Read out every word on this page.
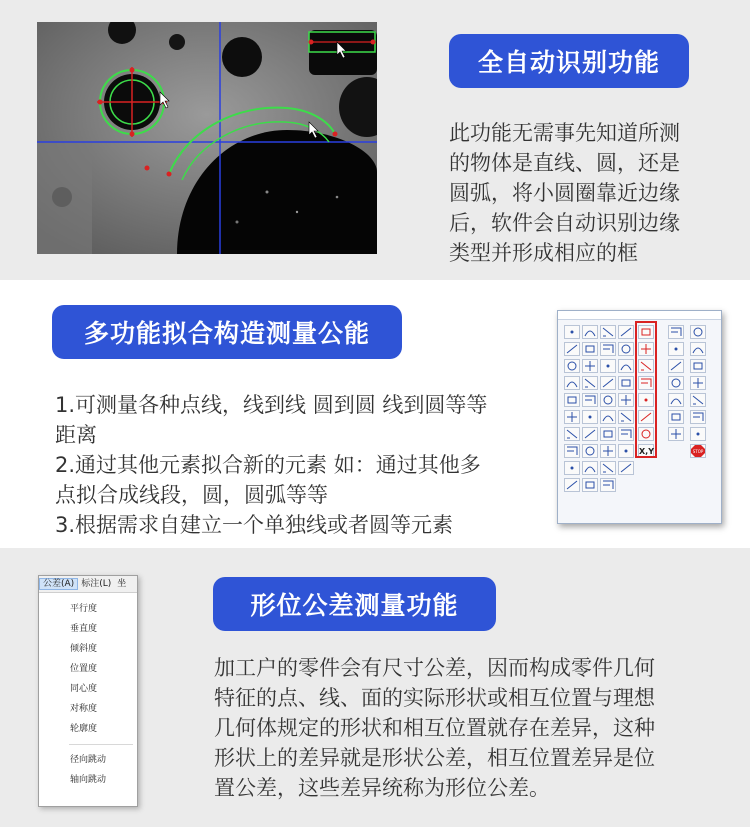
全自动识别功能
此功能无需事先知道所测
的物体是直线、圆，还是
圆弧，将小圆圈靠近边缘
后，软件会自动识别边缘
类型并形成相应的框
多功能拟合构造测量公能
1.可测量各种点线，线到线 圆到圆 线到圆等等
距离
2.通过其他元素拟合新的元素 如：通过其他多
点拟合成线段，圆，圆弧等等
3.根据需求自建立一个单独线或者圆等元素
X,Y	STOP
公差(A) 标注(L) 坐
平行度
垂直度
倾斜度
位置度
同心度
对称度
轮廓度
径向跳动
轴向跳动
形位公差测量功能
加工户的零件会有尺寸公差，因而构成零件几何
特征的点、线、面的实际形状或相互位置与理想
几何体规定的形状和相互位置就存在差异，这种
形状上的差异就是形状公差，相互位置差异是位
置公差，这些差异统称为形位公差。
